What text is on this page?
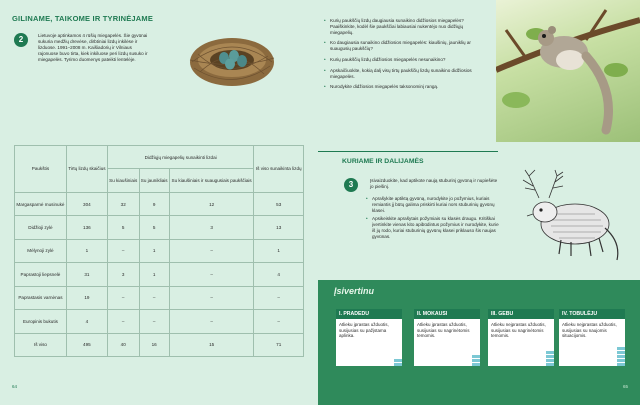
GILINAME, TAIKOME IR TYRINĖJAME
2	Lietuvoje aptinkamos 4 rūšių miegapelės. Šie gyvūnai sukuria medžių drevėse, dirbtiniai lizdų inkilėse ir lizduose. 1991–2008 m. Kaišiadorių ir Vilniaus rajonuose buvo tirta, kiek inkiluose peri lizdų susuko ir miegapelės. Tyrimo duomenys pateikti lentelėje.
• Kurių paukščių lizdų daugiausia sunaikino didžiosios miegapelės? Paaiškinkite, kodėl šie paukščiai labiausiai nukentėjo nuo didžiųjų miegapelių.
• Ko daugiausia sunaikino didžiosios miegapelės: kiaušinių, jauniklių ar suaugusių paukščių?
• Kurių paukščių lizdų didžiosios miegapelės nesunaikino?
• Apskaičiuokite, kokią dalį visų tirtų paukščių lizdų sunaikino didžiosios miegapelės.
• Nurodykite didžiosios miegapelės taksonominį rangą.
Paukštis	Tirtų lizdų skaičius	Didžiųjų miegapelių sunaikinti lizdai			Iš viso sunaikinta lizdų
		Su kiaušiniais	Su jaunikliais	Su kiaušiniais ir suaugusiais paukščiais	
Margasparnė musinukė	304	32	9	12	53
Didžioji zylė	136	5	5	3	13
Mėlynoji zylė	1	–	1	–	1
Paprastoji liepsnelė	31	3	1	–	4
Paprastasis varnėnas	19	–	–	–	–
Europinis bukutis	4	–	–	–	–
Iš viso	495	40	16	15	71
64
KURIAME IR DALIJAMĖS
3	Įsivaizduokite, kad aptikote naują stuburinį gyvūną ir nupiešėte jo piešinį.
• Aprašykite aptiktą gyvūną, nurodykite jo požymius, kuriais remiantis jį būtų galima priskirti kuriai nors stuburinių gyvūnų klasei.
• Apsikeiskite aprašytais požymiais su klasės draugu. Kritiškai įvertinkite vienas kito apibūdintus požymius ir nurodykite, kurie iš jų rodo, kuriai stuburinių gyvūnų klasei priklauso šis naujas gyvūnas.
Įsivertinu
I. PRADEDU
Atlieku įprastas užduotis, susijusias su pažįstama aplinka.
II. MOKAUSI
Atlieku įprastas užduotis, susijusias su nagrinėtomis temomis.
III. GEBU
Atlieku neįprastas užduotis, susijusias su nagrinėtomis temomis.
IV. TOBULĖJU
Atlieku neįprastas užduotis, susijusias su naujomis situacijomis.
65
